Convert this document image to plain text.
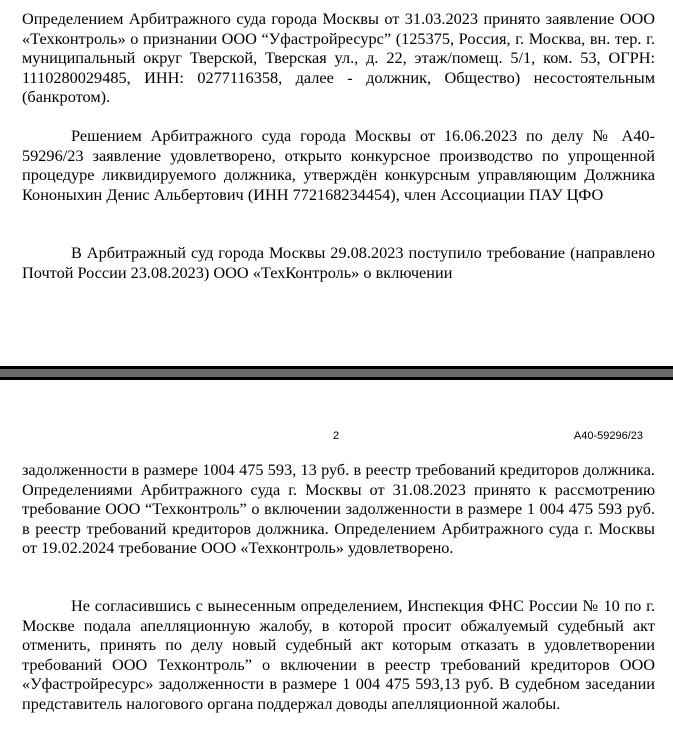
Определением Арбитражного суда города Москвы от 31.03.2023 принято заявление ООО «Техконтроль» о признании ООО “Уфастройресурс” (125375, Россия, г. Москва, вн. тер. г. муниципальный округ Тверской, Тверская ул., д. 22, этаж/помещ. 5/1, ком. 53, ОГРН: 1110280029485, ИНН: 0277116358, далее - должник, Общество) несостоятельным (банкротом).
Решением Арбитражного суда города Москвы от 16.06.2023 по делу № А40-59296/23 заявление удовлетворено, открыто конкурсное производство по упрощенной процедуре ликвидируемого должника, утверждён конкурсным управляющим Должника Кононыхин Денис Альбертович (ИНН 772168234454), член Ассоциации ПАУ ЦФО
В Арбитражный суд города Москвы 29.08.2023 поступило требование (направлено Почтой России 23.08.2023) ООО «ТехКонтроль» о включении
2	А40-59296/23
задолженности в размере 1004 475 593, 13 руб. в реестр требований кредиторов должника. Определениями Арбитражного суда г. Москвы от 31.08.2023 принято к рассмотрению требование ООО “Техконтроль” о включении задолженности в размере 1 004 475 593 руб. в реестр требований кредиторов должника. Определением Арбитражного суда г. Москвы от 19.02.2024 требование ООО «Техконтроль» удовлетворено.
Не согласившись с вынесенным определением, Инспекция ФНС России № 10 по г. Москве подала апелляционную жалобу, в которой просит обжалуемый судебный акт отменить, принять по делу новый судебный акт которым отказать в удовлетворении требований ООО Техконтроль” о включении в реестр требований кредиторов ООО «Уфастройресурс» задолженности в размере 1 004 475 593,13 руб. В судебном заседании представитель налогового органа поддержал доводы апелляционной жалобы.
